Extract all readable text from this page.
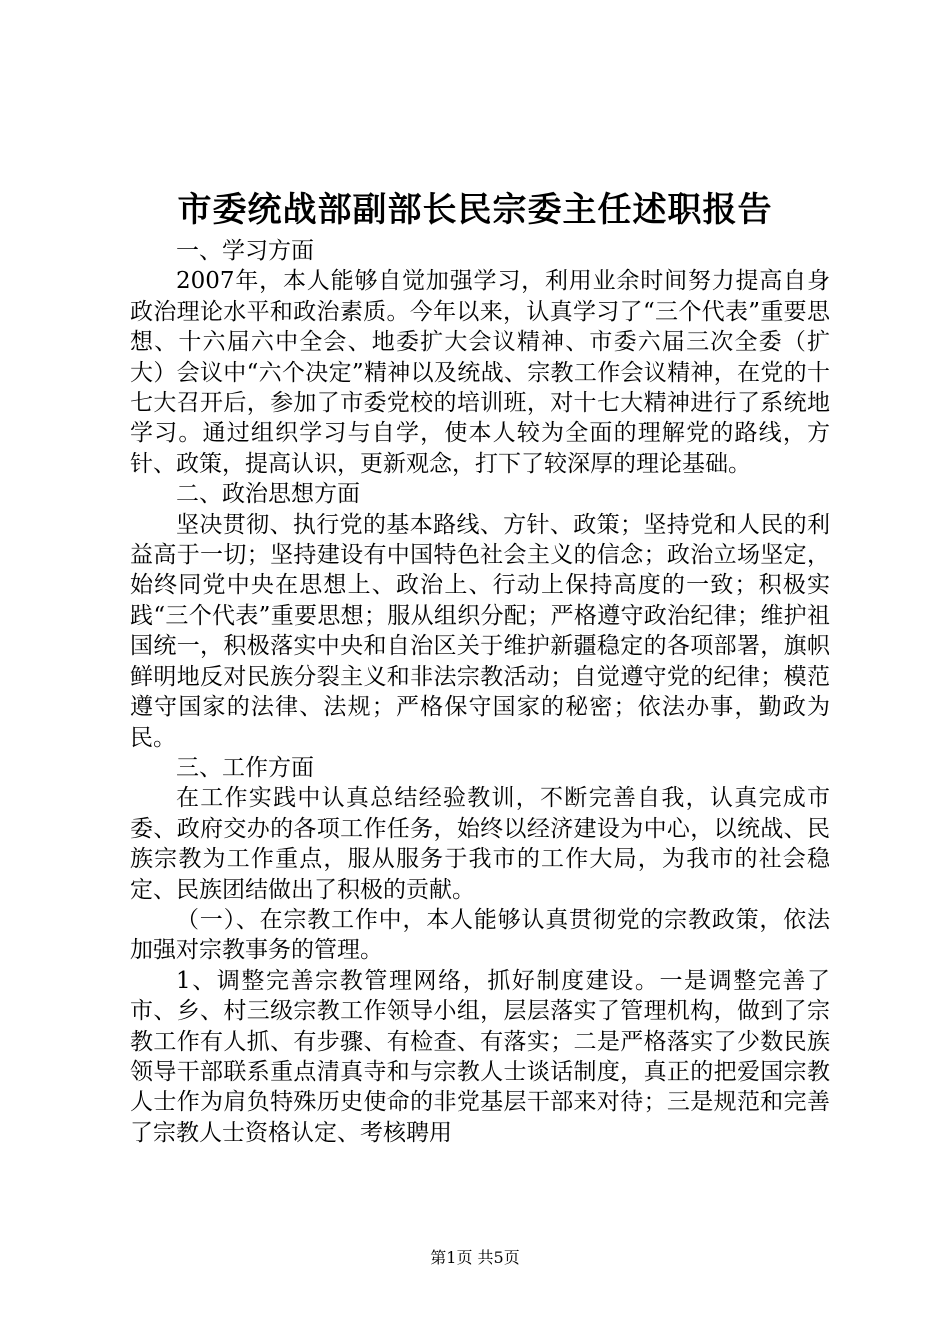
市委统战部副部长民宗委主任述职报告

一、学习方面

2007年，本人能够自觉加强学习，利用业余时间努力提高自身政治理论水平和政治素质。今年以来，认真学习了“三个代表”重要思想、十六届六中全会、地委扩大会议精神、市委六届三次全委（扩大）会议中“六个决定”精神以及统战、宗教工作会议精神，在党的十七大召开后，参加了市委党校的培训班，对十七大精神进行了系统地学习。通过组织学习与自学，使本人较为全面的理解党的路线，方针、政策，提高认识，更新观念，打下了较深厚的理论基础。

二、政治思想方面

坚决贯彻、执行党的基本路线、方针、政策；坚持党和人民的利益高于一切；坚持建设有中国特色社会主义的信念；政治立场坚定，始终同党中央在思想上、政治上、行动上保持高度的一致；积极实践“三个代表”重要思想；服从组织分配；严格遵守政治纪律；维护祖国统一，积极落实中央和自治区关于维护新疆稳定的各项部署，旗帜鲜明地反对民族分裂主义和非法宗教活动；自觉遵守党的纪律；模范遵守国家的法律、法规；严格保守国家的秘密；依法办事，勤政为民。

三、工作方面

在工作实践中认真总结经验教训，不断完善自我，认真完成市委、政府交办的各项工作任务，始终以经济建设为中心，以统战、民族宗教为工作重点，服从服务于我市的工作大局，为我市的社会稳定、民族团结做出了积极的贡献。

（一）、在宗教工作中，本人能够认真贯彻党的宗教政策，依法加强对宗教事务的管理。

1、调整完善宗教管理网络，抓好制度建设。一是调整完善了市、乡、村三级宗教工作领导小组，层层落实了管理机构，做到了宗教工作有人抓、有步骤、有检查、有落实；二是严格落实了少数民族领导干部联系重点清真寺和与宗教人士谈话制度，真正的把爱国宗教人士作为肩负特殊历史使命的非党基层干部来对待；三是规范和完善了宗教人士资格认定、考核聘用

第1页 共5页
